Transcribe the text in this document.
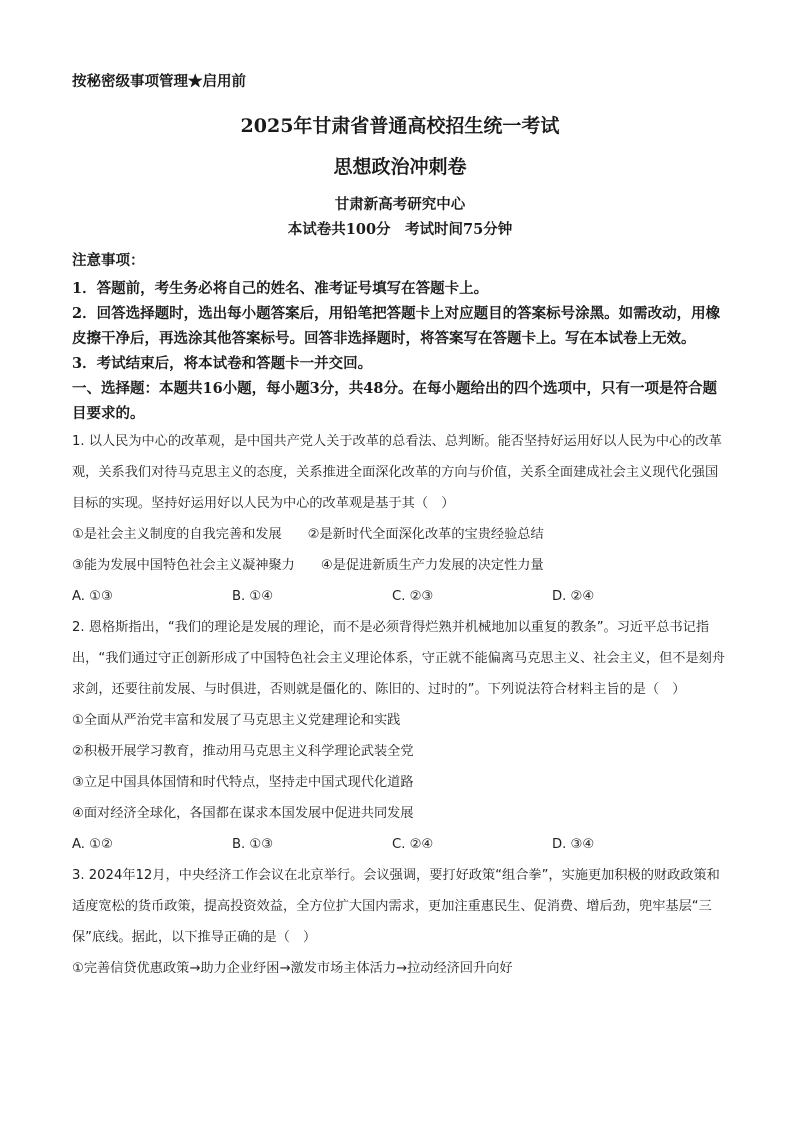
按秘密级事项管理★启用前

2025年甘肃省普通高校招生统一考试

思想政治冲刺卷

甘肃新高考研究中心

本试卷共100分　考试时间75分钟

注意事项：

1．答题前，考生务必将自己的姓名、准考证号填写在答题卡上。

2．回答选择题时，选出每小题答案后，用铅笔把答题卡上对应题目的答案标号涂黑。如需改动，用橡皮擦干净后，再选涂其他答案标号。回答非选择题时，将答案写在答题卡上。写在本试卷上无效。

3．考试结束后，将本试卷和答题卡一并交回。

一、选择题：本题共16小题，每小题3分，共48分。在每小题给出的四个选项中，只有一项是符合题目要求的。

1. 以人民为中心的改革观，是中国共产党人关于改革的总看法、总判断。能否坚持好运用好以人民为中心的改革观，关系我们对待马克思主义的态度，关系推进全面深化改革的方向与价值，关系全面建成社会主义现代化强国目标的实现。坚持好运用好以人民为中心的改革观是基于其（　）

①是社会主义制度的自我完善和发展 ②是新时代全面深化改革的宝贵经验总结
③能为发展中国特色社会主义凝神聚力 ④是促进新质生产力发展的决定性力量
A. ①③	B. ①④	C. ②③	D. ②④

2. 恩格斯指出，“我们的理论是发展的理论，而不是必须背得烂熟并机械地加以重复的教条”。习近平总书记指出，“我们通过守正创新形成了中国特色社会主义理论体系，守正就不能偏离马克思主义、社会主义，但不是刻舟求剑，还要往前发展、与时俱进，否则就是僵化的、陈旧的、过时的”。下列说法符合材料主旨的是（　）

①全面从严治党丰富和发展了马克思主义党建理论和实践

②积极开展学习教育，推动用马克思主义科学理论武装全党

③立足中国具体国情和时代特点，坚持走中国式现代化道路

④面对经济全球化，各国都在谋求本国发展中促进共同发展

A. ①②	B. ①③	C. ②④	D. ③④

3. 2024年12月，中央经济工作会议在北京举行。会议强调，要打好政策“组合拳”，实施更加积极的财政政策和适度宽松的货币政策，提高投资效益，全方位扩大国内需求，更加注重惠民生、促消费、增后劲，兜牢基层“三保”底线。据此，以下推导正确的是（　）

①完善信贷优惠政策→助力企业纾困→激发市场主体活力→拉动经济回升向好
